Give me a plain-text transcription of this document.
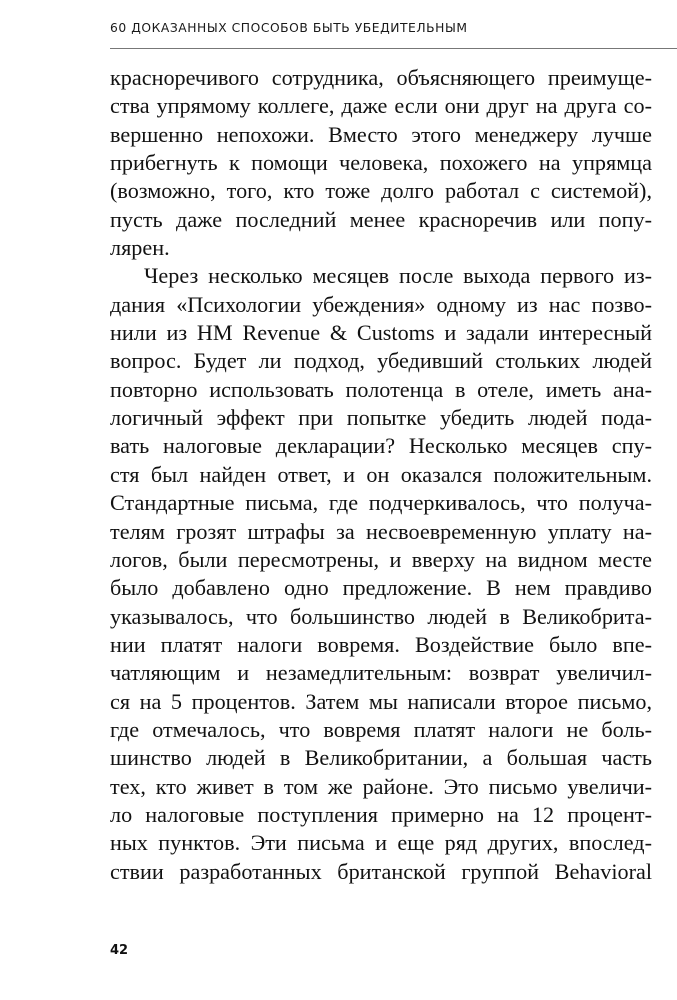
60 ДОКАЗАННЫХ СПОСОБОВ БЫТЬ УБЕДИТЕЛЬНЫМ
красноречивого сотрудника, объясняющего преимуще-
ства упрямому коллеге, даже если они друг на друга со-
вершенно непохожи. Вместо этого менеджеру лучше
прибегнуть к помощи человека, похожего на упрямца
(возможно, того, кто тоже долго работал с системой),
пусть даже последний менее красноречив или попу-
лярен.
Через несколько месяцев после выхода первого из-
дания «Психологии убеждения» одному из нас позво-
нили из HM Revenue & Customs и задали интересный
вопрос. Будет ли подход, убедивший стольких людей
повторно использовать полотенца в отеле, иметь ана-
логичный эффект при попытке убедить людей пода-
вать налоговые декларации? Несколько месяцев спу-
стя был найден ответ, и он оказался положительным.
Стандартные письма, где подчеркивалось, что получа-
телям грозят штрафы за несвоевременную уплату на-
логов, были пересмотрены, и вверху на видном месте
было добавлено одно предложение. В нем правдиво
указывалось, что большинство людей в Великобрита-
нии платят налоги вовремя. Воздействие было впе-
чатляющим и незамедлительным: возврат увеличил-
ся на 5 процентов. Затем мы написали второе письмо,
где отмечалось, что вовремя платят налоги не боль-
шинство людей в Великобритании, а большая часть
тех, кто живет в том же районе. Это письмо увеличи-
ло налоговые поступления примерно на 12 процент-
ных пунктов. Эти письма и еще ряд других, впослед-
ствии разработанных британской группой Behavioral
42
